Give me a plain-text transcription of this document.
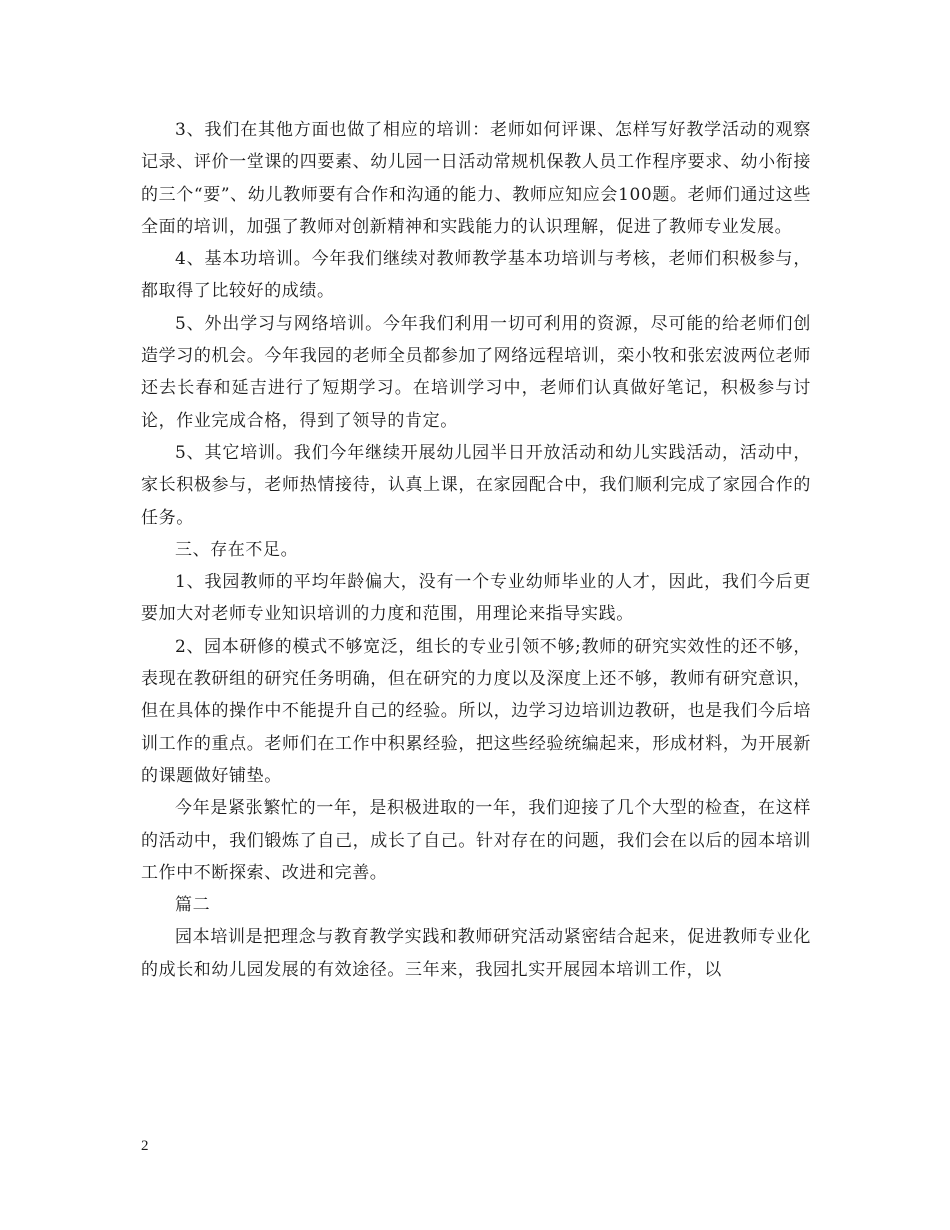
3、我们在其他方面也做了相应的培训：老师如何评课、怎样写好教学活动的观察记录、评价一堂课的四要素、幼儿园一日活动常规机保教人员工作程序要求、幼小衔接的三个“要”、幼儿教师要有合作和沟通的能力、教师应知应会100题。老师们通过这些全面的培训，加强了教师对创新精神和实践能力的认识理解，促进了教师专业发展。

4、基本功培训。今年我们继续对教师教学基本功培训与考核，老师们积极参与，都取得了比较好的成绩。

5、外出学习与网络培训。今年我们利用一切可利用的资源，尽可能的给老师们创造学习的机会。今年我园的老师全员都参加了网络远程培训，栾小牧和张宏波两位老师还去长春和延吉进行了短期学习。在培训学习中，老师们认真做好笔记，积极参与讨论，作业完成合格，得到了领导的肯定。

5、其它培训。我们今年继续开展幼儿园半日开放活动和幼儿实践活动，活动中，家长积极参与，老师热情接待，认真上课，在家园配合中，我们顺利完成了家园合作的任务。

三、存在不足。

1、我园教师的平均年龄偏大，没有一个专业幼师毕业的人才，因此，我们今后更要加大对老师专业知识培训的力度和范围，用理论来指导实践。

2、园本研修的模式不够宽泛，组长的专业引领不够;教师的研究实效性的还不够，表现在教研组的研究任务明确，但在研究的力度以及深度上还不够，教师有研究意识，但在具体的操作中不能提升自己的经验。所以，边学习边培训边教研，也是我们今后培训工作的重点。老师们在工作中积累经验，把这些经验统编起来，形成材料，为开展新的课题做好铺垫。

今年是紧张繁忙的一年，是积极进取的一年，我们迎接了几个大型的检查，在这样的活动中，我们锻炼了自己，成长了自己。针对存在的问题，我们会在以后的园本培训工作中不断探索、改进和完善。

篇二

园本培训是把理念与教育教学实践和教师研究活动紧密结合起来，促进教师专业化的成长和幼儿园发展的有效途径。三年来，我园扎实开展园本培训工作，以

2
